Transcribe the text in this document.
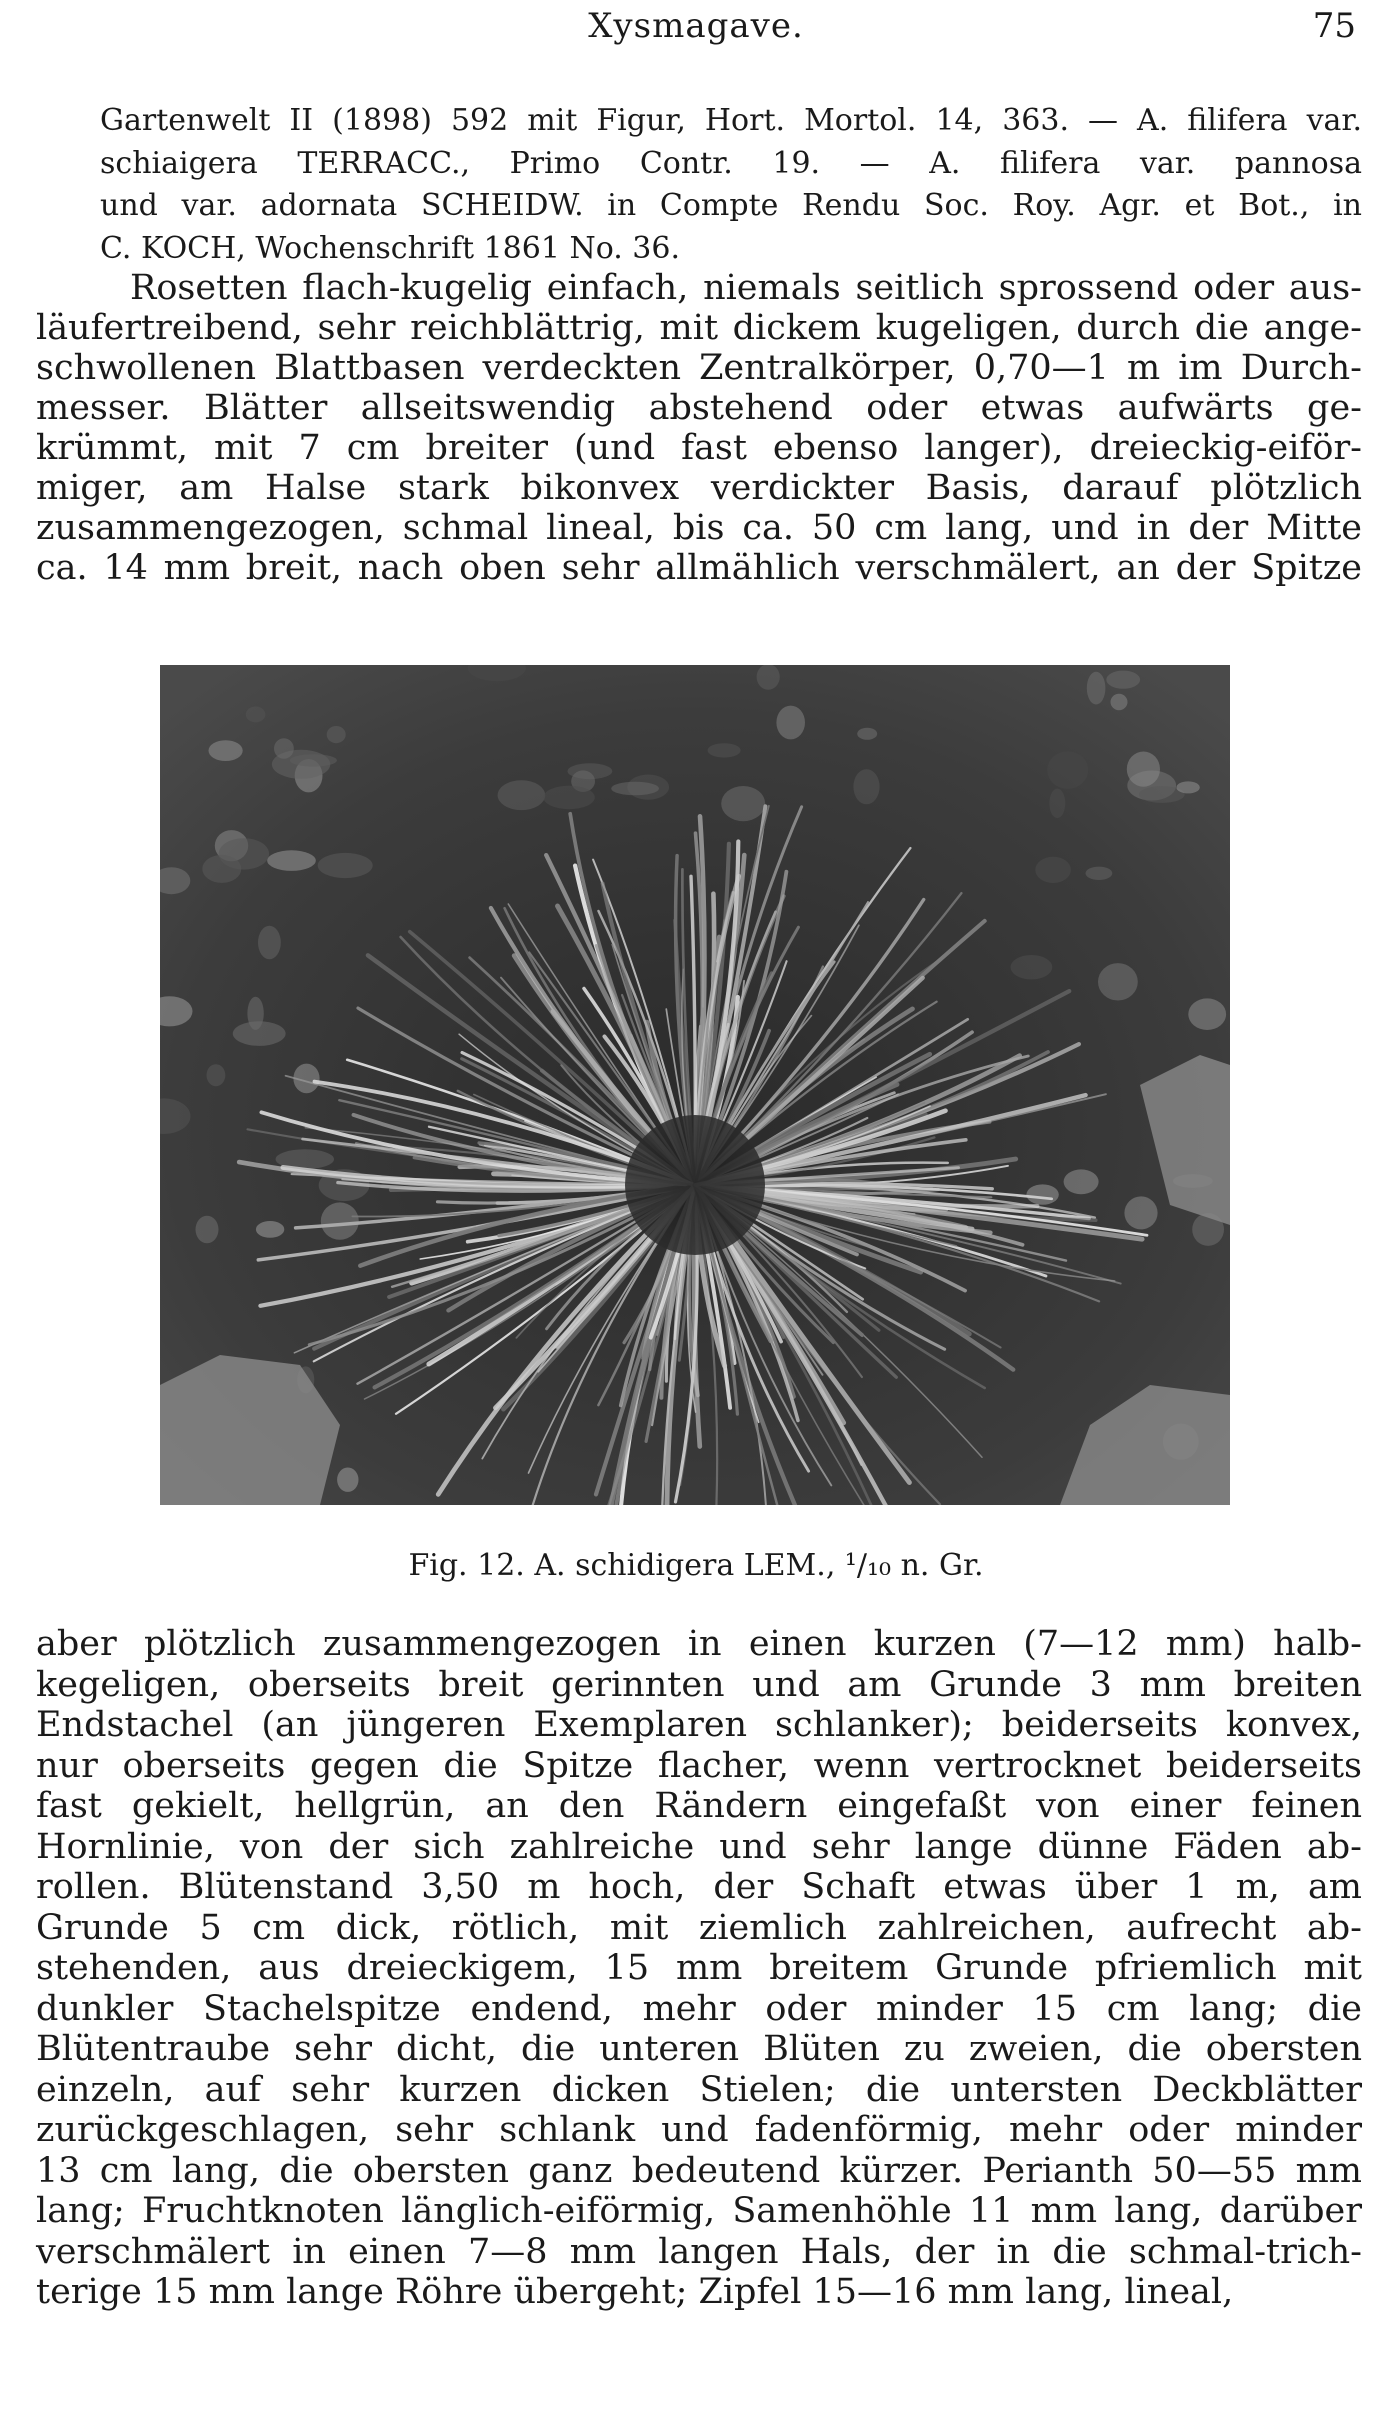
Xysmagave.	75
Gartenwelt II (1898) 592 mit Figur, Hort. Mortol. 14, 363. — A. filifera var.
schiaigera TERRACC., Primo Contr. 19. — A. filifera var. pannosa
und var. adornata SCHEIDW. in Compte Rendu Soc. Roy. Agr. et Bot., in
C. KOCH, Wochenschrift 1861 No. 36.
Rosetten flach-kugelig einfach, niemals seitlich sprossend oder aus-
läufertreibend, sehr reichblättrig, mit dickem kugeligen, durch die ange-
schwollenen Blattbasen verdeckten Zentralkörper, 0,70—1 m im Durch-
messer. Blätter allseitswendig abstehend oder etwas aufwärts ge-
krümmt, mit 7 cm breiter (und fast ebenso langer), dreieckig-eiför-
miger, am Halse stark bikonvex verdickter Basis, darauf plötzlich
zusammengezogen, schmal lineal, bis ca. 50 cm lang, und in der Mitte
ca. 14 mm breit, nach oben sehr allmählich verschmälert, an der Spitze
Fig. 12. A. schidigera LEM., ¹/₁₀ n. Gr.
aber plötzlich zusammengezogen in einen kurzen (7—12 mm) halb-
kegeligen, oberseits breit gerinnten und am Grunde 3 mm breiten
Endstachel (an jüngeren Exemplaren schlanker); beiderseits konvex,
nur oberseits gegen die Spitze flacher, wenn vertrocknet beiderseits
fast gekielt, hellgrün, an den Rändern eingefaßt von einer feinen
Hornlinie, von der sich zahlreiche und sehr lange dünne Fäden ab-
rollen. Blütenstand 3,50 m hoch, der Schaft etwas über 1 m, am
Grunde 5 cm dick, rötlich, mit ziemlich zahlreichen, aufrecht ab-
stehenden, aus dreieckigem, 15 mm breitem Grunde pfriemlich mit
dunkler Stachelspitze endend, mehr oder minder 15 cm lang; die
Blütentraube sehr dicht, die unteren Blüten zu zweien, die obersten
einzeln, auf sehr kurzen dicken Stielen; die untersten Deckblätter
zurückgeschlagen, sehr schlank und fadenförmig, mehr oder minder
13 cm lang, die obersten ganz bedeutend kürzer. Perianth 50—55 mm
lang; Fruchtknoten länglich-eiförmig, Samenhöhle 11 mm lang, darüber
verschmälert in einen 7—8 mm langen Hals, der in die schmal-trich-
terige 15 mm lange Röhre übergeht; Zipfel 15—16 mm lang, lineal,
